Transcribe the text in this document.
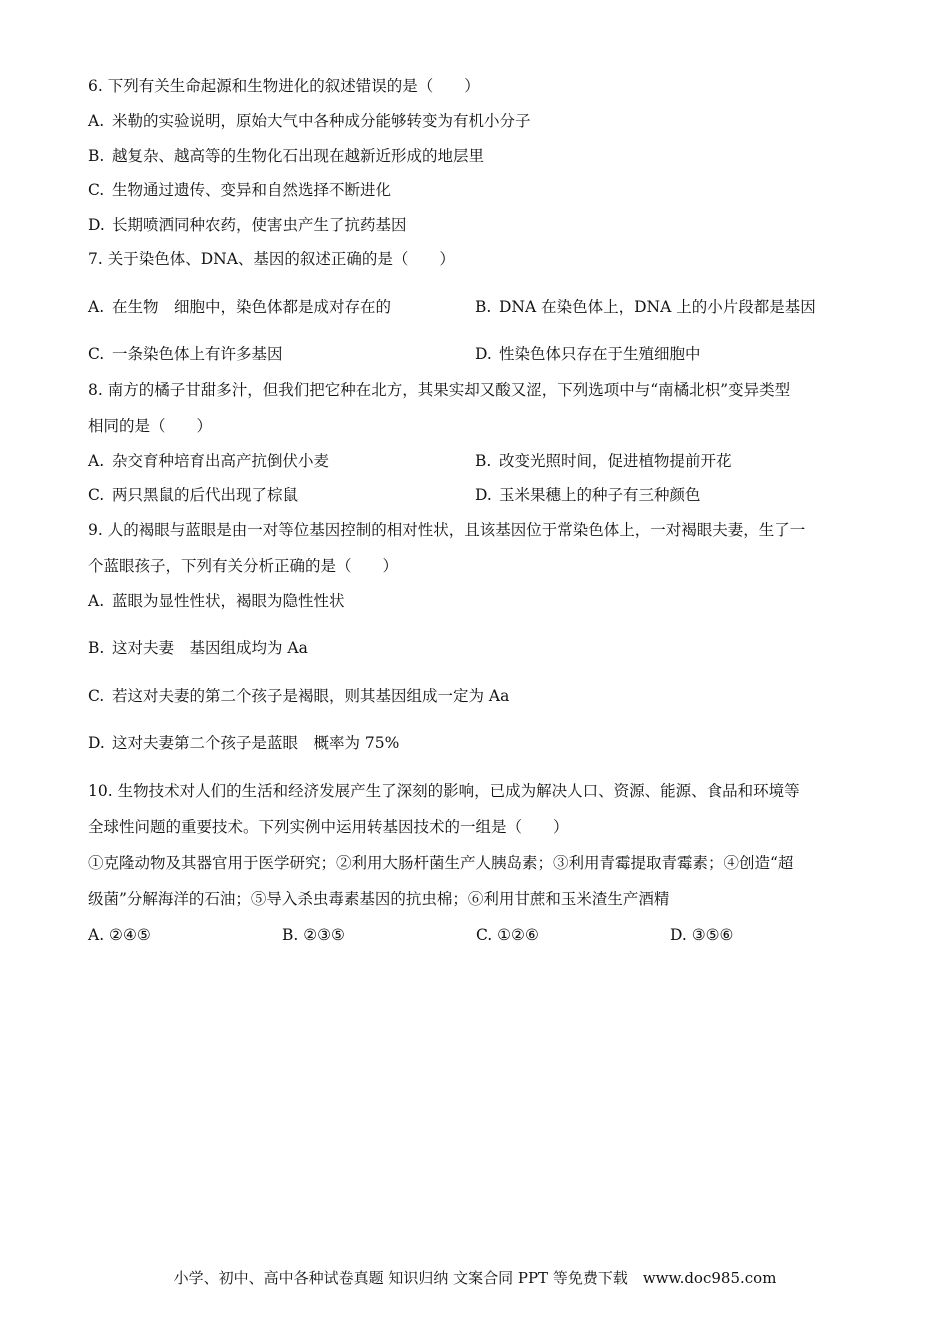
6. 下列有关生命起源和生物进化的叙述错误的是（　　）
A. 米勒的实验说明，原始大气中各种成分能够转变为有机小分子
B. 越复杂、越高等的生物化石出现在越新近形成的地层里
C. 生物通过遗传、变异和自然选择不断进化
D. 长期喷洒同种农药，使害虫产生了抗药基因
7. 关于染色体、DNA、基因的叙述正确的是（　　）
A. 在生物　细胞中，染色体都是成对存在的	B. DNA 在染色体上，DNA 上的小片段都是基因
C. 一条染色体上有许多基因	D. 性染色体只存在于生殖细胞中
8. 南方的橘子甘甜多汁，但我们把它种在北方，其果实却又酸又涩，下列选项中与“南橘北枳”变异类型
相同的是（　　）
A. 杂交育种培育出高产抗倒伏小麦	B. 改变光照时间，促进植物提前开花
C. 两只黑鼠的后代出现了棕鼠	D. 玉米果穗上的种子有三种颜色
9. 人的褐眼与蓝眼是由一对等位基因控制的相对性状，且该基因位于常染色体上，一对褐眼夫妻，生了一
个蓝眼孩子，下列有关分析正确的是（　　）
A. 蓝眼为显性性状，褐眼为隐性性状
B. 这对夫妻　基因组成均为 Aa
C. 若这对夫妻的第二个孩子是褐眼，则其基因组成一定为 Aa
D. 这对夫妻第二个孩子是蓝眼　概率为 75%
10. 生物技术对人们的生活和经济发展产生了深刻的影响，已成为解决人口、资源、能源、食品和环境等
全球性问题的重要技术。下列实例中运用转基因技术的一组是（　　）
①克隆动物及其器官用于医学研究；②利用大肠杆菌生产人胰岛素；③利用青霉提取青霉素；④创造“超
级菌”分解海洋的石油；⑤导入杀虫毒素基因的抗虫棉；⑥利用甘蔗和玉米渣生产酒精
A. ②④⑤	B. ②③⑤	C. ①②⑥	D. ③⑤⑥
小学、初中、高中各种试卷真题 知识归纳 文案合同 PPT 等免费下载　www.doc985.com
